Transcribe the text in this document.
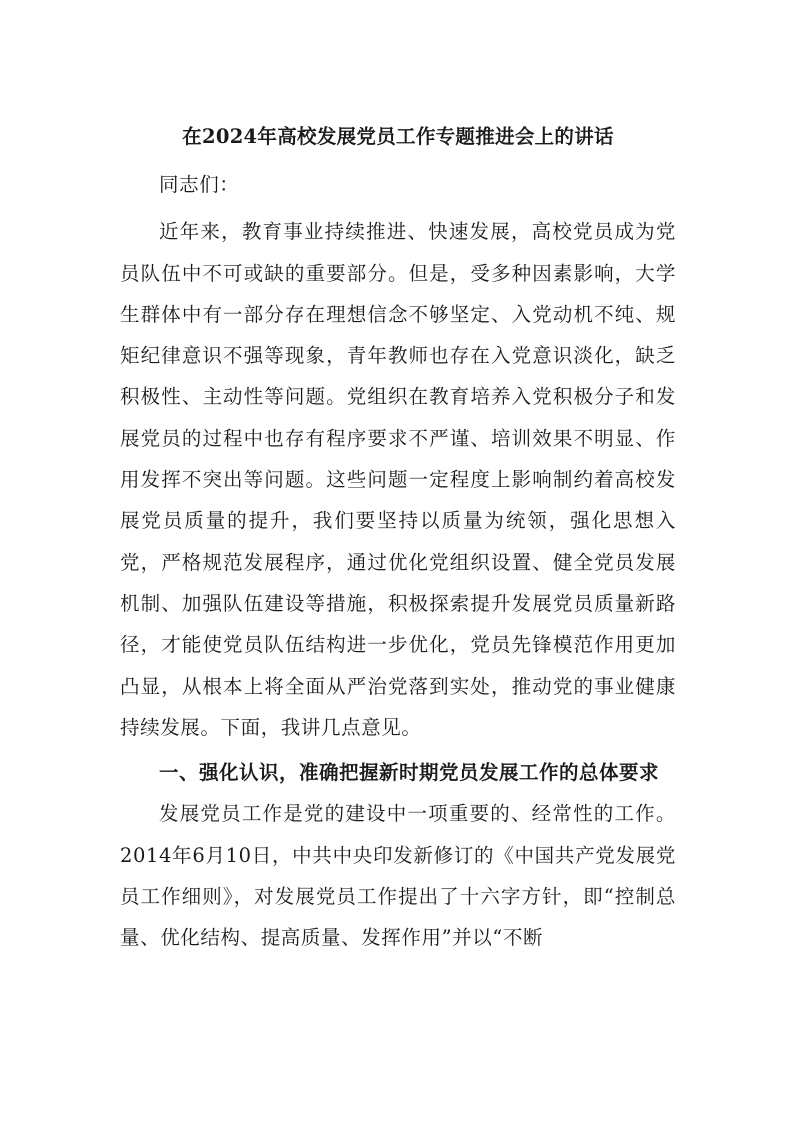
在2024年高校发展党员工作专题推进会上的讲话

同志们：

近年来，教育事业持续推进、快速发展，高校党员成为党员队伍中不可或缺的重要部分。但是，受多种因素影响，大学生群体中有一部分存在理想信念不够坚定、入党动机不纯、规矩纪律意识不强等现象，青年教师也存在入党意识淡化，缺乏积极性、主动性等问题。党组织在教育培养入党积极分子和发展党员的过程中也存有程序要求不严谨、培训效果不明显、作用发挥不突出等问题。这些问题一定程度上影响制约着高校发展党员质量的提升，我们要坚持以质量为统领，强化思想入党，严格规范发展程序，通过优化党组织设置、健全党员发展机制、加强队伍建设等措施，积极探索提升发展党员质量新路径，才能使党员队伍结构进一步优化，党员先锋模范作用更加凸显，从根本上将全面从严治党落到实处，推动党的事业健康持续发展。下面，我讲几点意见。

一、强化认识，准确把握新时期党员发展工作的总体要求

发展党员工作是党的建设中一项重要的、经常性的工作。2014年6月10日，中共中央印发新修订的《中国共产党发展党员工作细则》，对发展党员工作提出了十六字方针，即“控制总量、优化结构、提高质量、发挥作用”并以“不断
